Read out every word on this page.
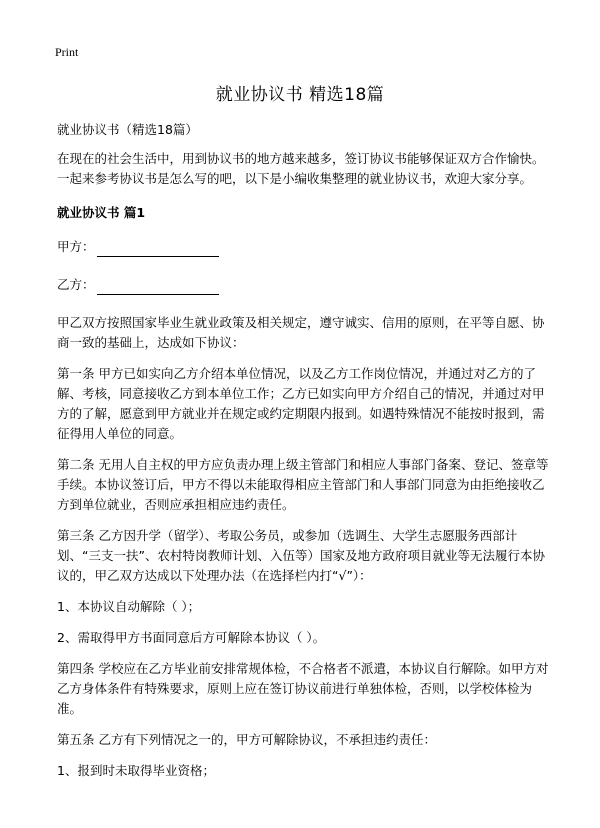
Print
就业协议书 精选18篇
就业协议书（精选18篇）
在现在的社会生活中，用到协议书的地方越来越多，签订协议书能够保证双方合作愉快。一起来参考协议书是怎么写的吧，以下是小编收集整理的就业协议书，欢迎大家分享。
就业协议书 篇1
甲方：
乙方：
甲乙双方按照国家毕业生就业政策及相关规定，遵守诚实、信用的原则，在平等自愿、协商一致的基础上，达成如下协议：
第一条 甲方已如实向乙方介绍本单位情况，以及乙方工作岗位情况，并通过对乙方的了解、考核，同意接收乙方到本单位工作；乙方已如实向甲方介绍自己的情况，并通过对甲方的了解，愿意到甲方就业并在规定或约定期限内报到。如遇特殊情况不能按时报到，需征得用人单位的同意。
第二条 无用人自主权的甲方应负责办理上级主管部门和相应人事部门备案、登记、签章等手续。本协议签订后，甲方不得以未能取得相应主管部门和人事部门同意为由拒绝接收乙方到单位就业，否则应承担相应违约责任。
第三条 乙方因升学（留学）、考取公务员，或参加（选调生、大学生志愿服务西部计划、“三支一扶”、农村特岗教师计划、入伍等）国家及地方政府项目就业等无法履行本协议的，甲乙双方达成以下处理办法（在选择栏内打“√”）：
1、本协议自动解除（ ）；
2、需取得甲方书面同意后方可解除本协议（ ）。
第四条 学校应在乙方毕业前安排常规体检，不合格者不派遣，本协议自行解除。如甲方对乙方身体条件有特殊要求，原则上应在签订协议前进行单独体检，否则，以学校体检为准。
第五条 乙方有下列情况之一的，甲方可解除协议，不承担违约责任：
1、报到时未取得毕业资格；
